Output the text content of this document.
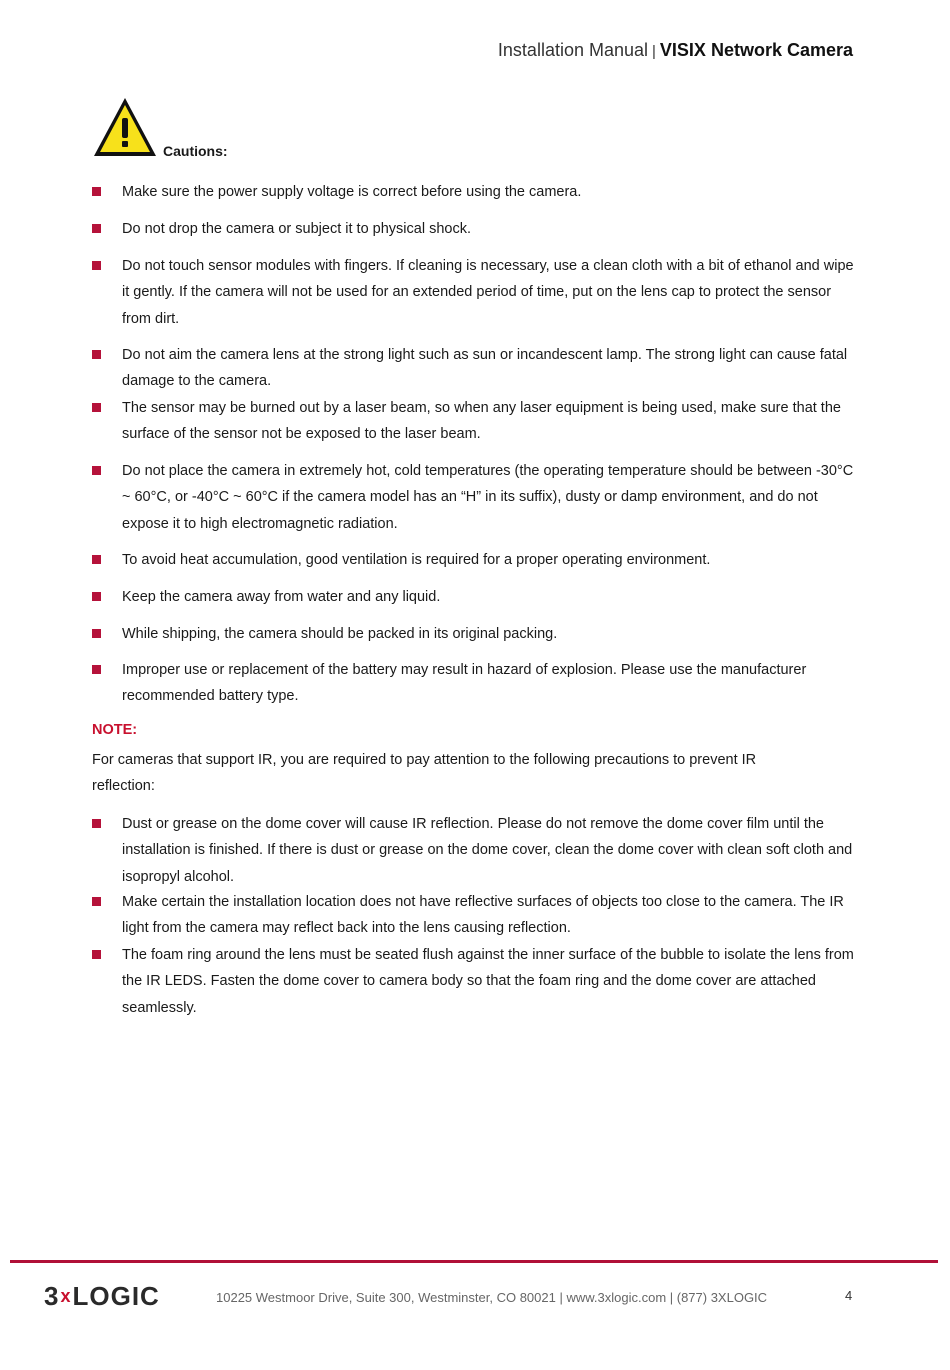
Installation Manual | VISIX Network Camera
Cautions:
Make sure the power supply voltage is correct before using the camera.
Do not drop the camera or subject it to physical shock.
Do not touch sensor modules with fingers. If cleaning is necessary, use a clean cloth with a bit of ethanol and wipe it gently. If the camera will not be used for an extended period of time, put on the lens cap to protect the sensor from dirt.
Do not aim the camera lens at the strong light such as sun or incandescent lamp. The strong light can cause fatal damage to the camera.
The sensor may be burned out by a laser beam, so when any laser equipment is being used, make sure that the surface of the sensor not be exposed to the laser beam.
Do not place the camera in extremely hot, cold temperatures (the operating temperature should be between -30°C ~ 60°C, or -40°C ~ 60°C if the camera model has an “H” in its suffix), dusty or damp environment, and do not expose it to high electromagnetic radiation.
To avoid heat accumulation, good ventilation is required for a proper operating environment.
Keep the camera away from water and any liquid.
While shipping, the camera should be packed in its original packing.
Improper use or replacement of the battery may result in hazard of explosion. Please use the manufacturer recommended battery type.
NOTE:
For cameras that support IR, you are required to pay attention to the following precautions to prevent IR reflection:
Dust or grease on the dome cover will cause IR reflection. Please do not remove the dome cover film until the installation is finished. If there is dust or grease on the dome cover, clean the dome cover with clean soft cloth and isopropyl alcohol.
Make certain the installation location does not have reflective surfaces of objects too close to the camera. The IR light from the camera may reflect back into the lens causing reflection.
The foam ring around the lens must be seated flush against the inner surface of the bubble to isolate the lens from the IR LEDS. Fasten the dome cover to camera body so that the foam ring and the dome cover are attached seamlessly.
3xLOGIC	10225 Westmoor Drive, Suite 300, Westminster, CO 80021 | www.3xlogic.com | (877) 3XLOGIC	4
